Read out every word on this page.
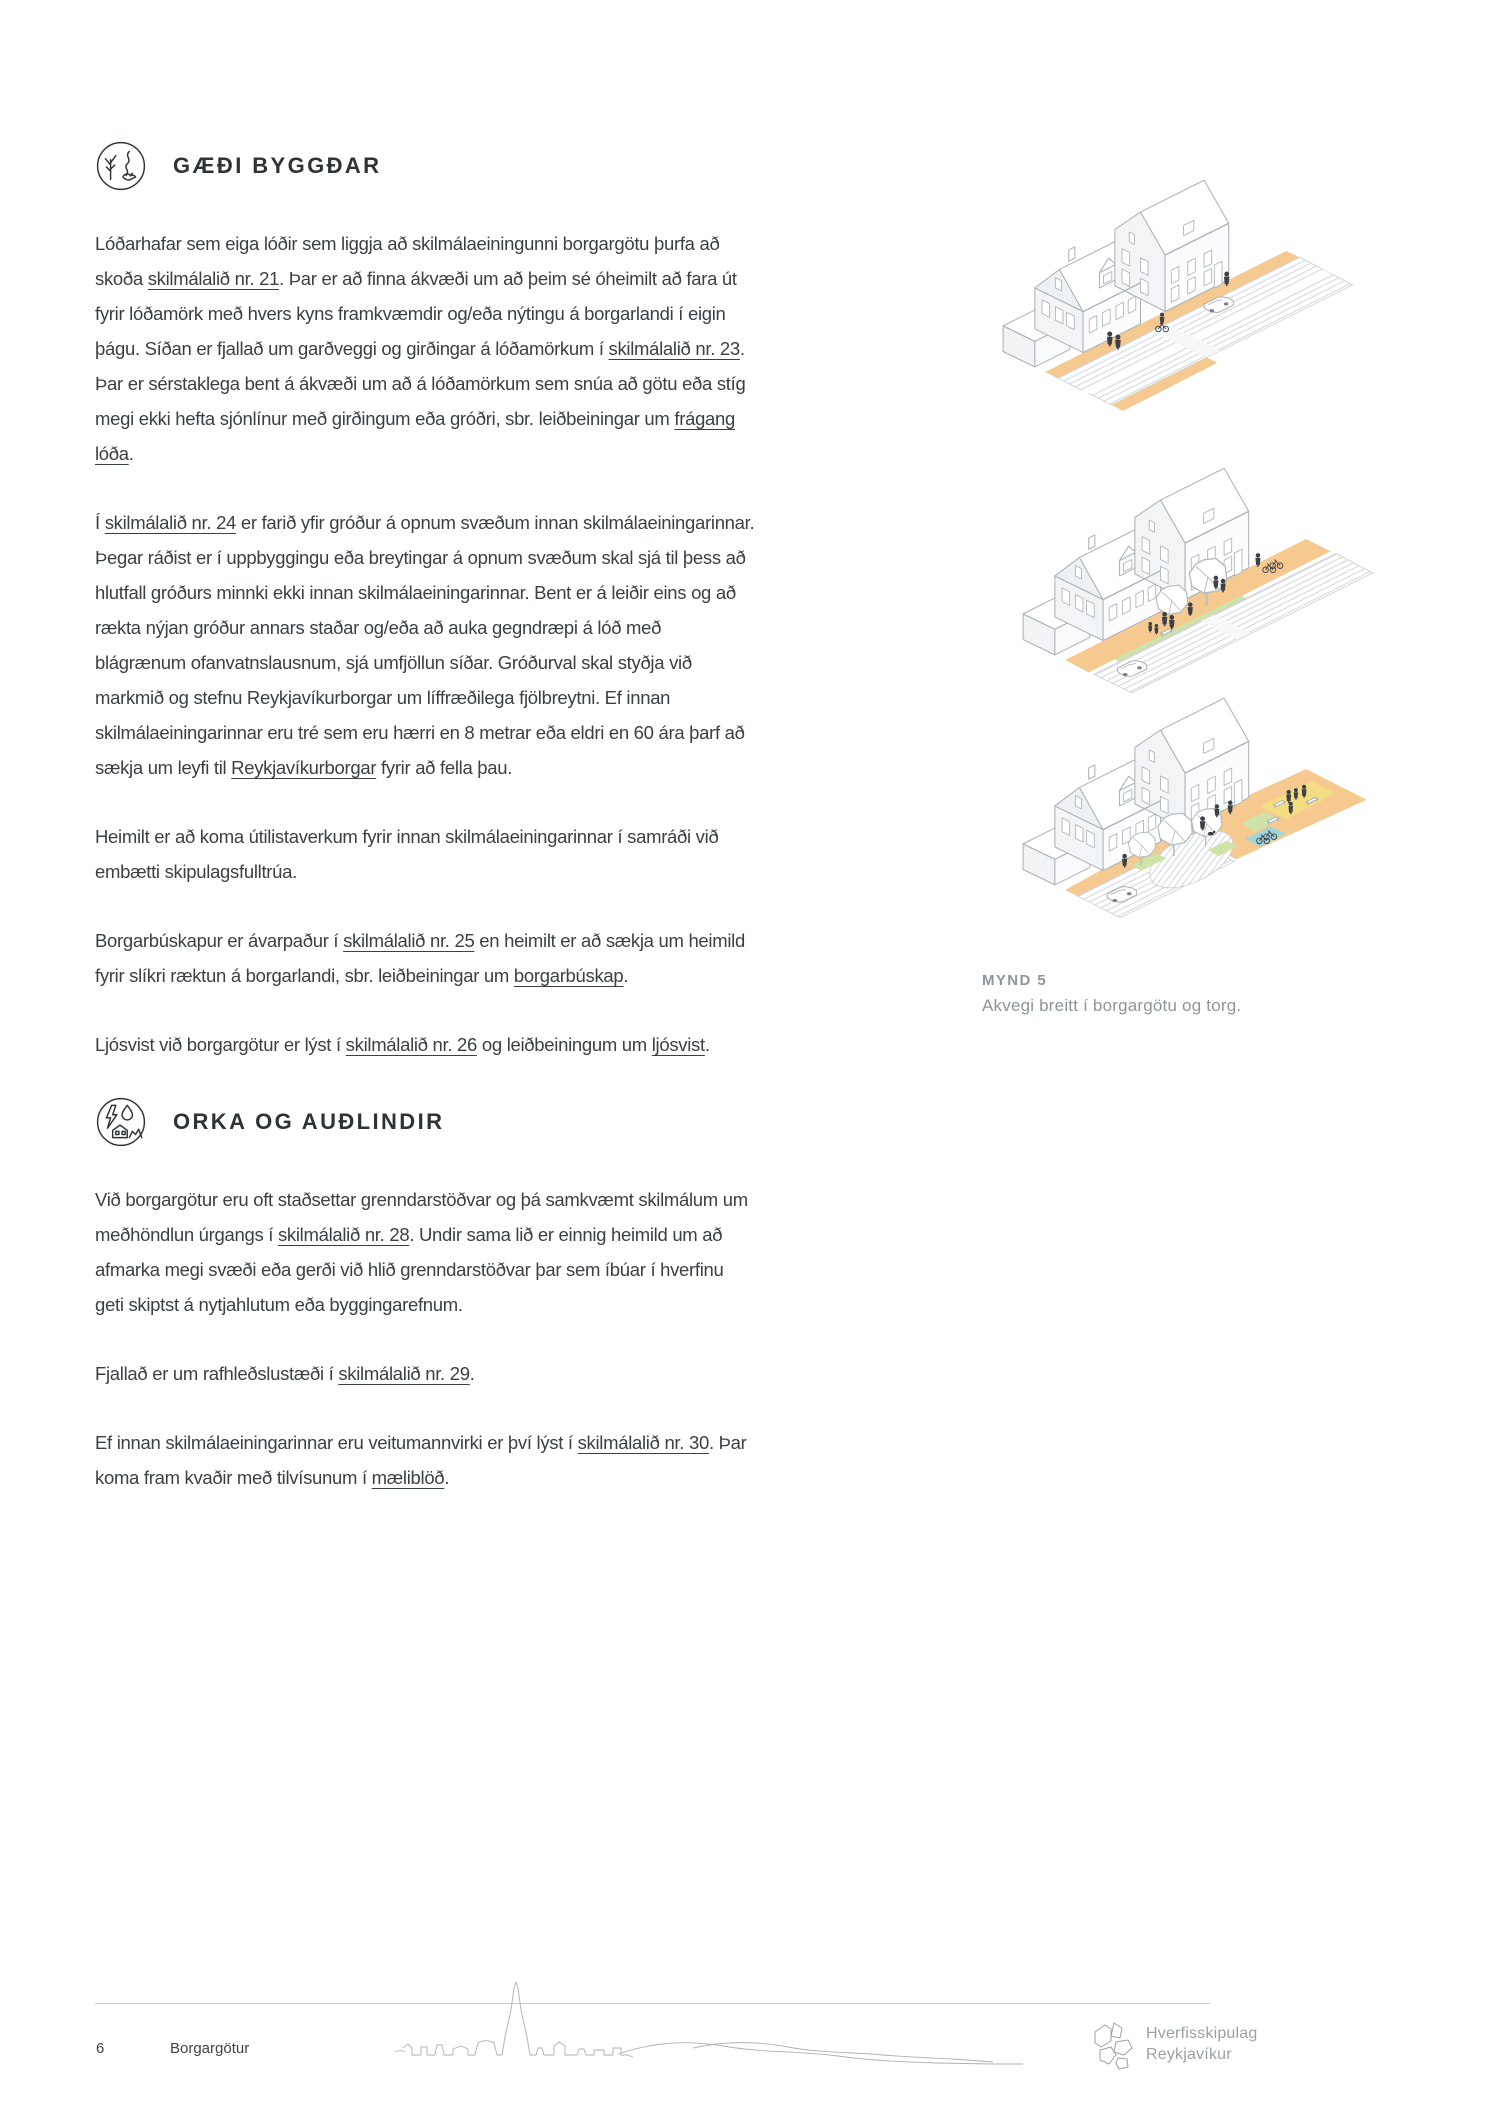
GÆÐI BYGGÐAR

Lóðarhafar sem eiga lóðir sem liggja að skilmálaeiningunni borgargötu þurfa að skoða skilmálalið nr. 21. Þar er að finna ákvæði um að þeim sé óheimilt að fara út fyrir lóðamörk með hvers kyns framkvæmdir og/eða nýtingu á borgarlandi í eigin þágu. Síðan er fjallað um garðveggi og girðingar á lóðamörkum í skilmálalið nr. 23. Þar er sérstaklega bent á ákvæði um að á lóðamörkum sem snúa að götu eða stíg megi ekki hefta sjónlínur með girðingum eða gróðri, sbr. leiðbeiningar um frágang lóða.

Í skilmálalið nr. 24 er farið yfir gróður á opnum svæðum innan skilmálaeiningarinnar. Þegar ráðist er í uppbyggingu eða breytingar á opnum svæðum skal sjá til þess að hlutfall gróðurs minnki ekki innan skilmálaeiningarinnar. Bent er á leiðir eins og að rækta nýjan gróður annars staðar og/eða að auka gegndræpi á lóð með blágrænum ofanvatnslausnum, sjá umfjöllun síðar. Gróðurval skal styðja við markmið og stefnu Reykjavíkurborgar um líffræðilega fjölbreytni. Ef innan skilmálaeiningarinnar eru tré sem eru hærri en 8 metrar eða eldri en 60 ára þarf að sækja um leyfi til Reykjavíkurborgar fyrir að fella þau.

Heimilt er að koma útilistaverkum fyrir innan skilmálaeiningarinnar í samráði við embætti skipulagsfulltrúa.

Borgarbúskapur er ávarpaður í skilmálalið nr. 25 en heimilt er að sækja um heimild fyrir slíkri ræktun á borgarlandi, sbr. leiðbeiningar um borgarbúskap.

Ljósvist við borgargötur er lýst í skilmálalið nr. 26 og leiðbeiningum um ljósvist.

ORKA OG AUÐLINDIR

Við borgargötur eru oft staðsettar grenndarstöðvar og þá samkvæmt skilmálum um meðhöndlun úrgangs í skilmálalið nr. 28. Undir sama lið er einnig heimild um að afmarka megi svæði eða gerði við hlið grenndarstöðvar þar sem íbúar í hverfinu geti skiptst á nytjahlutum eða byggingarefnum.

Fjallað er um rafhleðslustæði í skilmálalið nr. 29.

Ef innan skilmálaeiningarinnar eru veitumannvirki er því lýst í skilmálalið nr. 30. Þar koma fram kvaðir með tilvísunum í mæliblöð.

MYND 5
Akvegi breitt í borgargötu og torg.
6	Borgargötur
Hverfisskipulag
Reykjavíkur
